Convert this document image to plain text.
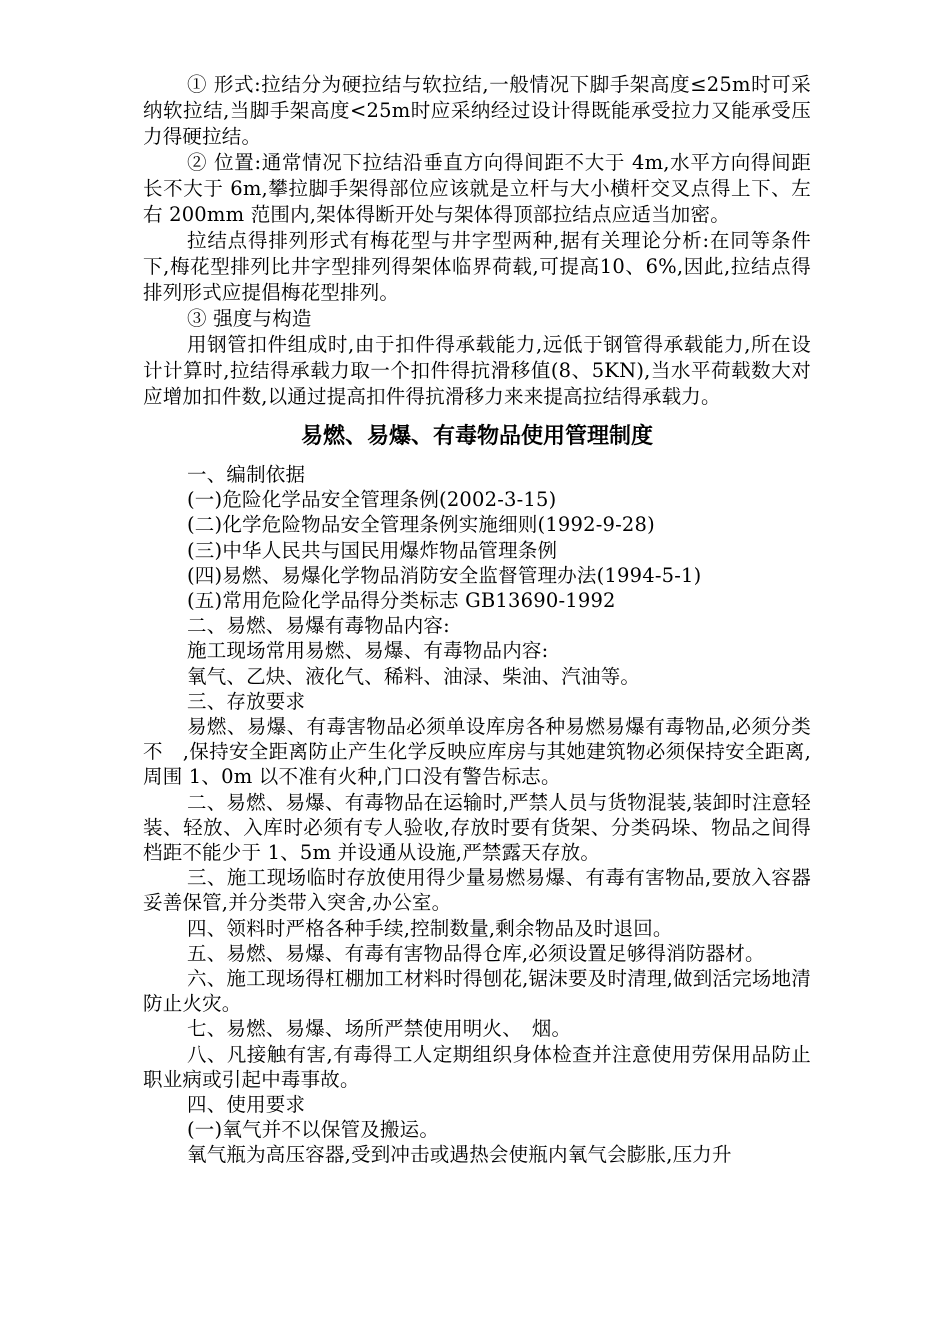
① 形式:拉结分为硬拉结与软拉结,一般情况下脚手架高度≤25m时可采纳软拉结,当脚手架高度<25m时应采纳经过设计得既能承受拉力又能承受压力得硬拉结。

② 位置:通常情况下拉结沿垂直方向得间距不大于 4m,水平方向得间距长不大于 6m,攀拉脚手架得部位应该就是立杆与大小横杆交叉点得上下、左右 200mm 范围内,架体得断开处与架体得顶部拉结点应适当加密。

拉结点得排列形式有梅花型与井字型两种,据有关理论分析:在同等条件下,梅花型排列比井字型排列得架体临界荷载,可提高10、6%,因此,拉结点得排列形式应提倡梅花型排列。

③ 强度与构造

用钢管扣件组成时,由于扣件得承载能力,远低于钢管得承载能力,所在设计计算时,拉结得承载力取一个扣件得抗滑移值(8、5KN),当水平荷载数大对应增加扣件数,以通过提高扣件得抗滑移力来来提高拉结得承载力。

易燃、易爆、有毒物品使用管理制度

一、编制依据

(一)危险化学品安全管理条例(2002-3-15)

(二)化学危险物品安全管理条例实施细则(1992-9-28)

(三)中华人民共与国民用爆炸物品管理条例

(四)易燃、易爆化学物品消防安全监督管理办法(1994-5-1)

(五)常用危险化学品得分类标志 GB13690-1992

二、易燃、易爆有毒物品内容:

施工现场常用易燃、易爆、有毒物品内容:

氧气、乙炔、液化气、稀料、油渌、柴油、汽油等。

三、存放要求

易燃、易爆、有毒害物品必须单设库房各种易燃易爆有毒物品,必须分类不　,保持安全距离防止产生化学反映应库房与其她建筑物必须保持安全距离,周围 1、0m 以不准有火种,门口没有警告标志。

二、易燃、易爆、有毒物品在运输时,严禁人员与货物混装,装卸时注意轻装、轻放、入库时必须有专人验收,存放时要有货架、分类码垛、物品之间得档距不能少于 1、5m 并设通从设施,严禁露天存放。

三、施工现场临时存放使用得少量易燃易爆、有毒有害物品,要放入容器妥善保管,并分类带入突舍,办公室。

四、领料时严格各种手续,控制数量,剩余物品及时退回。

五、易燃、易爆、有毒有害物品得仓库,必须设置足够得消防器材。

六、施工现场得杠棚加工材料时得刨花,锯沫要及时清理,做到活完场地清防止火灾。

七、易燃、易爆、场所严禁使用明火、　烟。

八、凡接触有害,有毒得工人定期组织身体检查并注意使用劳保用品防止职业病或引起中毒事故。

四、使用要求

(一)氧气并不以保管及搬运。

氧气瓶为高压容器,受到冲击或遇热会使瓶内氧气会膨胀,压力升
